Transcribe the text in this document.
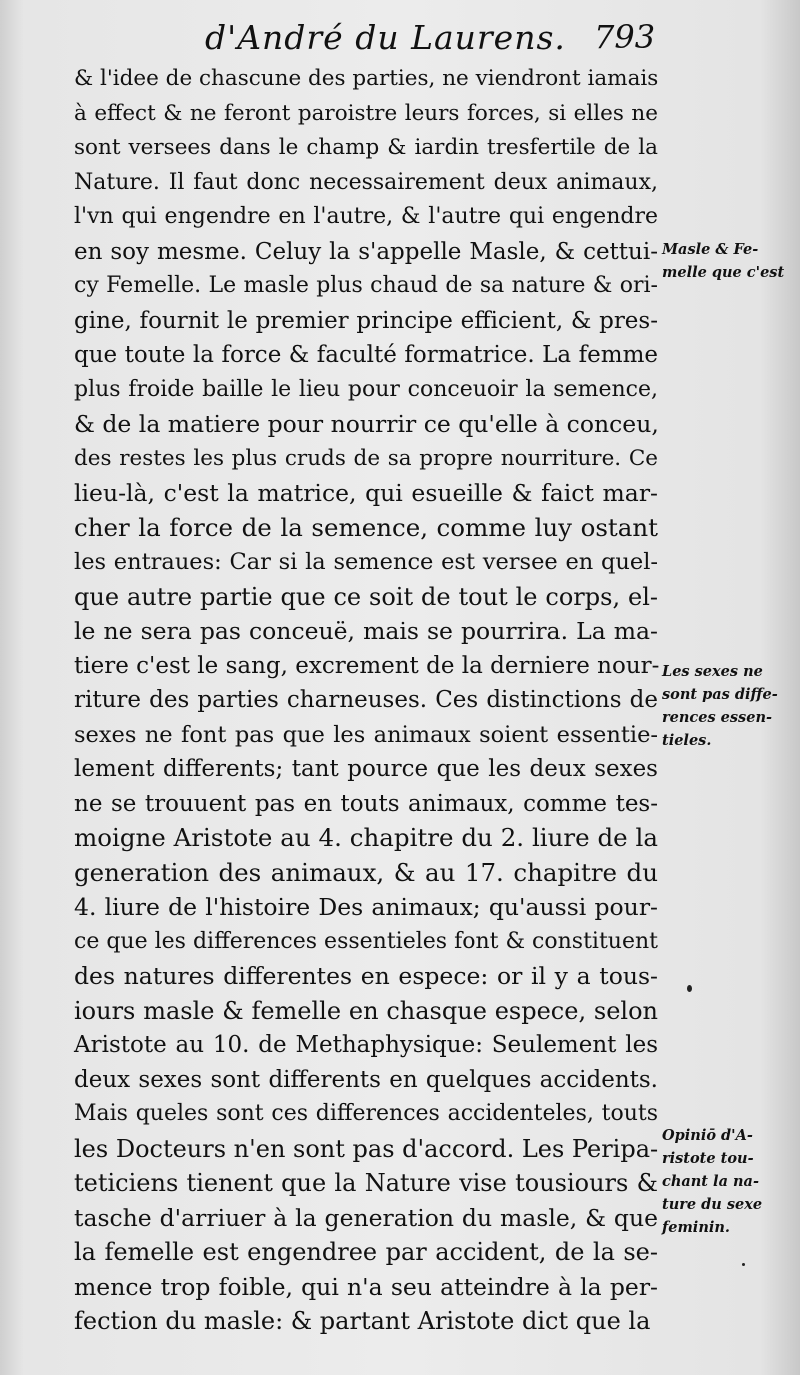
d'André du Laurens. 793
& l'idee de chascune des parties, ne viendront iamais
à effect & ne feront paroistre leurs forces, si elles ne
sont versees dans le champ & iardin tresfertile de la
Nature. Il faut donc necessairement deux animaux,
l'vn qui engendre en l'autre, & l'autre qui engendre
en soy mesme. Celuy la s'appelle Masle, & cettui-
cy Femelle. Le masle plus chaud de sa nature & ori-
gine, fournit le premier principe efficient, & pres-
que toute la force & faculté formatrice. La femme
plus froide baille le lieu pour conceuoir la semence,
& de la matiere pour nourrir ce qu'elle à conceu,
des restes les plus cruds de sa propre nourriture. Ce
lieu-là, c'est la matrice, qui esueille & faict mar-
cher la force de la semence, comme luy ostant
les entraues: Car si la semence est versee en quel-
que autre partie que ce soit de tout le corps, el-
le ne sera pas conceuë, mais se pourrira. La ma-
tiere c'est le sang, excrement de la derniere nour-
riture des parties charneuses. Ces distinctions de
sexes ne font pas que les animaux soient essentie-
lement differents; tant pource que les deux sexes
ne se trouuent pas en touts animaux, comme tes-
moigne Aristote au 4. chapitre du 2. liure de la
generation des animaux, & au 17. chapitre du
4. liure de l'histoire Des animaux; qu'aussi pour-
ce que les differences essentieles font & constituent
des natures differentes en espece: or il y a tous-
iours masle & femelle en chasque espece, selon
Aristote au 10. de Methaphysique: Seulement les
deux sexes sont differents en quelques accidents.
Mais queles sont ces differences accidenteles, touts
les Docteurs n'en sont pas d'accord. Les Peripa-
teticiens tienent que la Nature vise tousiours &
tasche d'arriuer à la generation du masle, & que
la femelle est engendree par accident, de la se-
mence trop foible, qui n'a seu atteindre à la per-
fection du masle: & partant Aristote dict que la
Masle & Fe-
melle que c'est
Les sexes ne
sont pas diffe-
rences essen-
tieles.
Opiniō d'A-
ristote tou-
chant la na-
ture du sexe
feminin.
